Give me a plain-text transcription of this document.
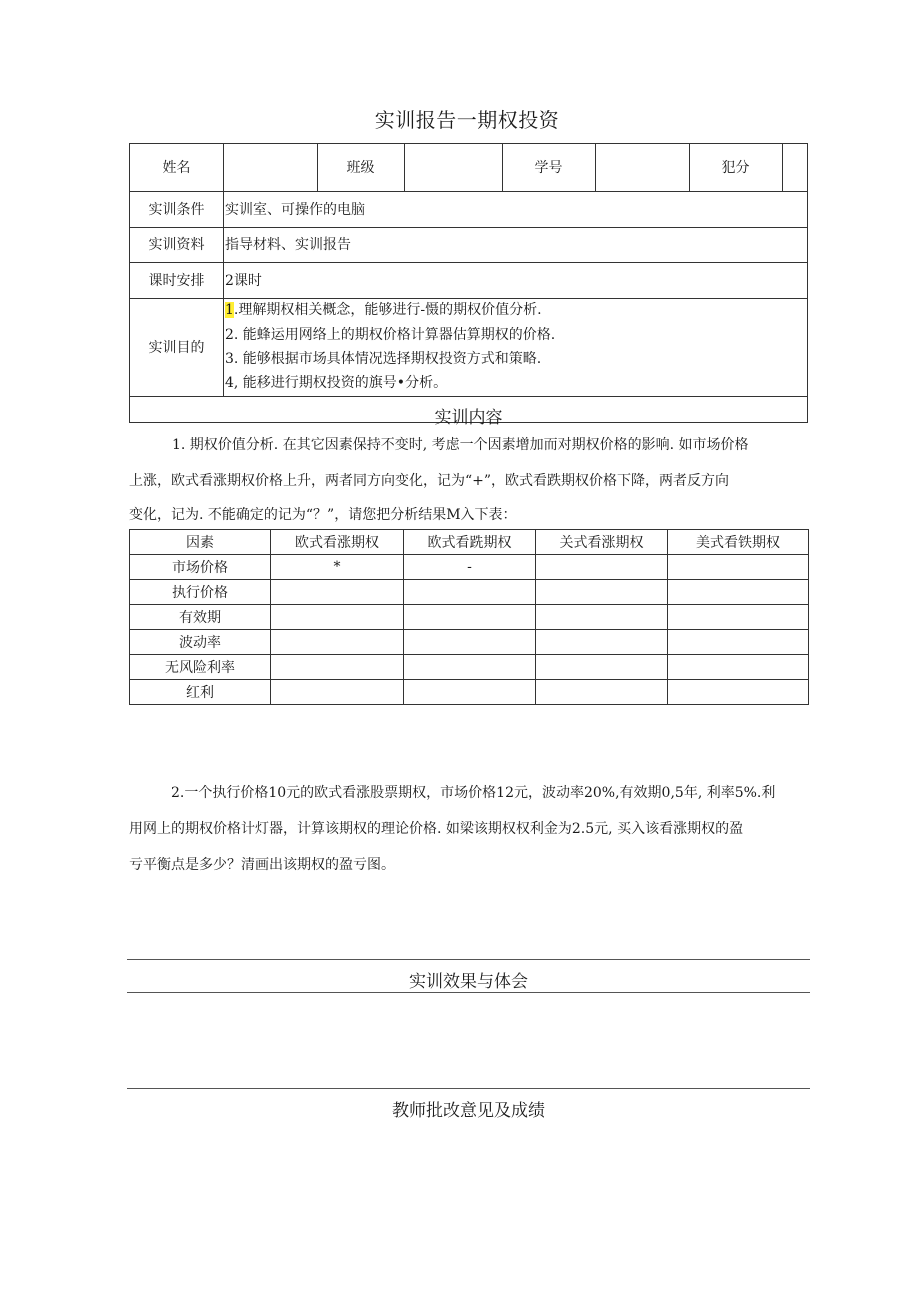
实训报告一期权投资
姓名	班级	学号	犯分
实训条件	实训室、可操作的电脑
实训资料	指导材料、实训报告
课时安排	2课时
实训目的
1.理解期权相关概念，能够进行-慑的期权价值分析.
2. 能蜂运用网络上的期权价格计算器估算期权的价格.
3. 能够根据市场具体情况选择期权投资方式和策略.
4, 能移进行期权投资的旗号•分析。
实训内容
1. 期权价值分析. 在其它因素保持不变时, 考虑一个因素增加而对期权价格的影响. 如市场价格
上涨，欧式看涨期权价格上升，两者同方向变化，记为“+”，欧式看跌期权价格下降，两者反方向
变化，记为. 不能确定的记为“？”，请您把分析结果M入下表：
因素	欧式看涨期权	欧式看跣期权	关式看涨期权	美式看铁期权
市场价格	*	-		
执行价格				
有效期				
波动率				
无风险利率				
红利				
2.一个执行价格10元的欧式看涨股票期权，市场价格12元，波动率20%,有效期0,5年, 利率5%.利
用网上的期权价格计灯器，计算该期权的理论价格. 如梁该期权权利金为2.5元, 买入该看涨期权的盈
亏平衡点是多少？清画出该期权的盈亏图。
实训效果与体会
教师批改意见及成绩
